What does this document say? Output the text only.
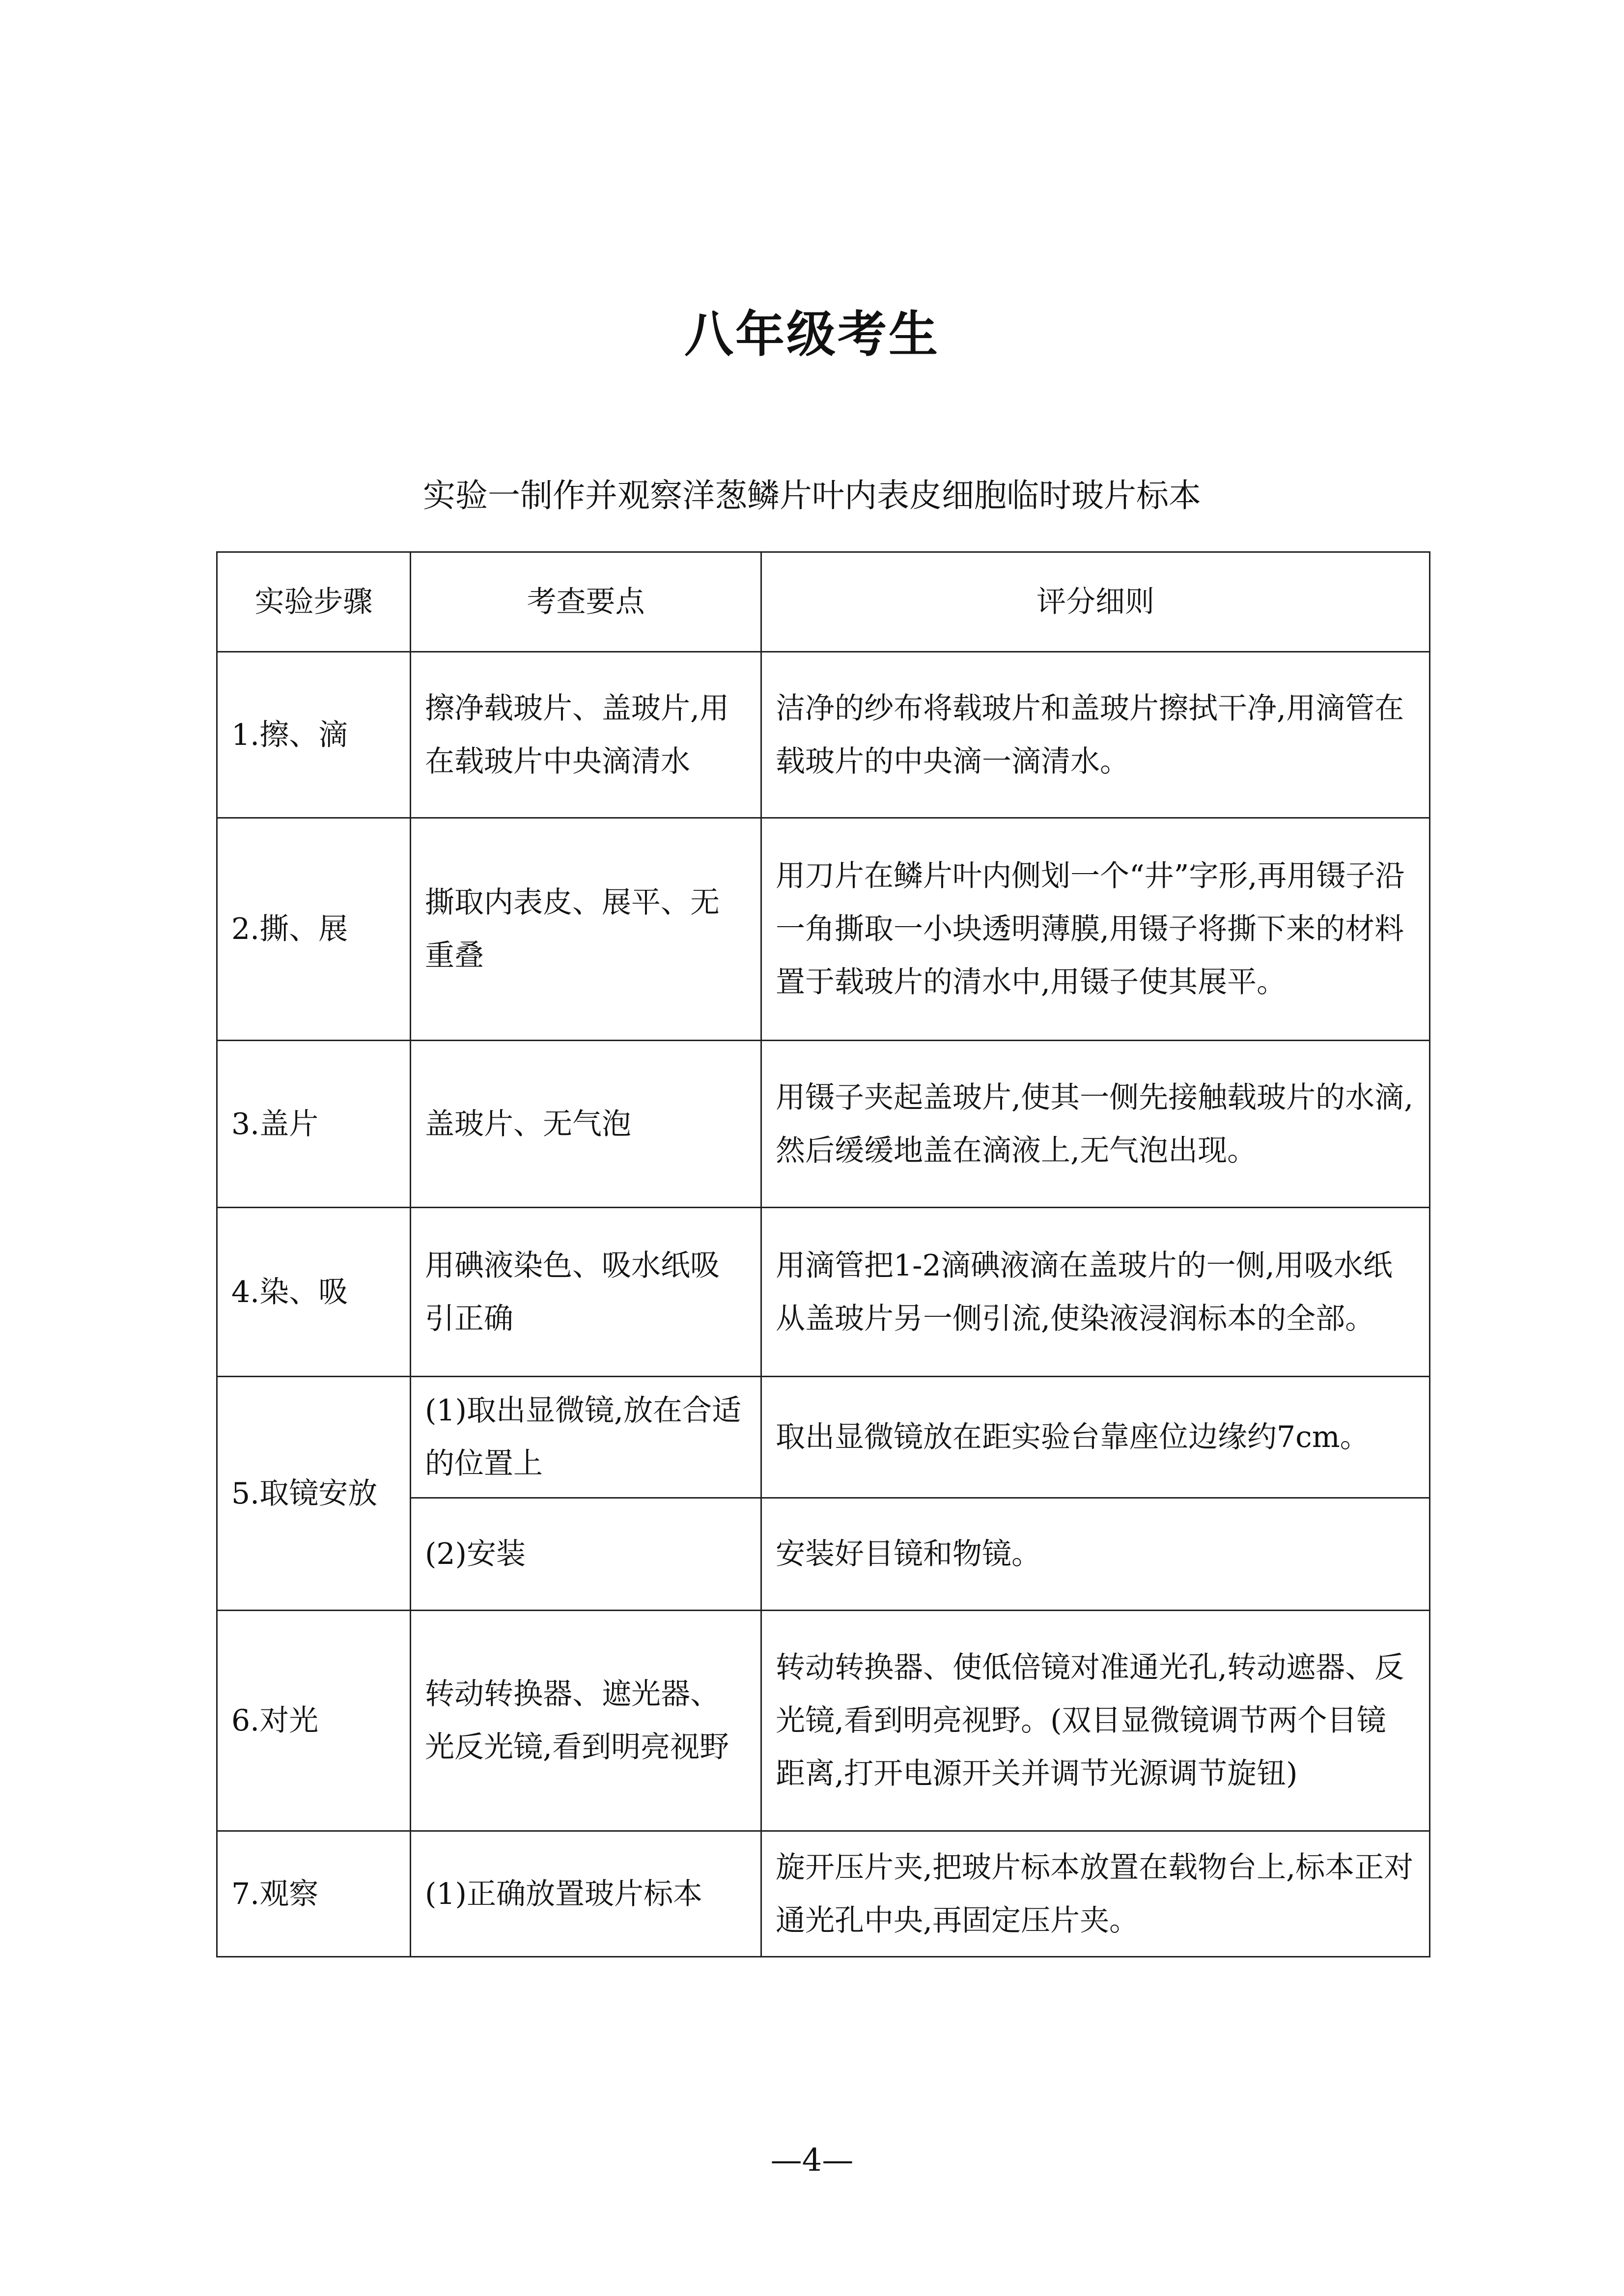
八年级考生
实验一制作并观察洋葱鳞片叶内表皮细胞临时玻片标本
实验步骤	考查要点	评分细则
1.擦、滴	擦净载玻片、盖玻片,用在载玻片中央滴清水	洁净的纱布将载玻片和盖玻片擦拭干净,用滴管在载玻片的中央滴一滴清水。
2.撕、展	撕取内表皮、展平、无重叠	用刀片在鳞片叶内侧划一个“井”字形,再用镊子沿一角撕取一小块透明薄膜,用镊子将撕下来的材料置于载玻片的清水中,用镊子使其展平。
3.盖片	盖玻片、无气泡	用镊子夹起盖玻片,使其一侧先接触载玻片的水滴,然后缓缓地盖在滴液上,无气泡出现。
4.染、吸	用碘液染色、吸水纸吸引正确	用滴管把1-2滴碘液滴在盖玻片的一侧,用吸水纸从盖玻片另一侧引流,使染液浸润标本的全部。
5.取镜安放	(1)取出显微镜,放在合适的位置上	取出显微镜放在距实验台靠座位边缘约7cm。
	(2)安装	安装好目镜和物镜。
6.对光	转动转换器、遮光器、光反光镜,看到明亮视野	转动转换器、使低倍镜对准通光孔,转动遮器、反光镜,看到明亮视野。(双目显微镜调节两个目镜距离,打开电源开关并调节光源调节旋钮)
7.观察	(1)正确放置玻片标本	旋开压片夹,把玻片标本放置在载物台上,标本正对通光孔中央,再固定压片夹。
—4—
